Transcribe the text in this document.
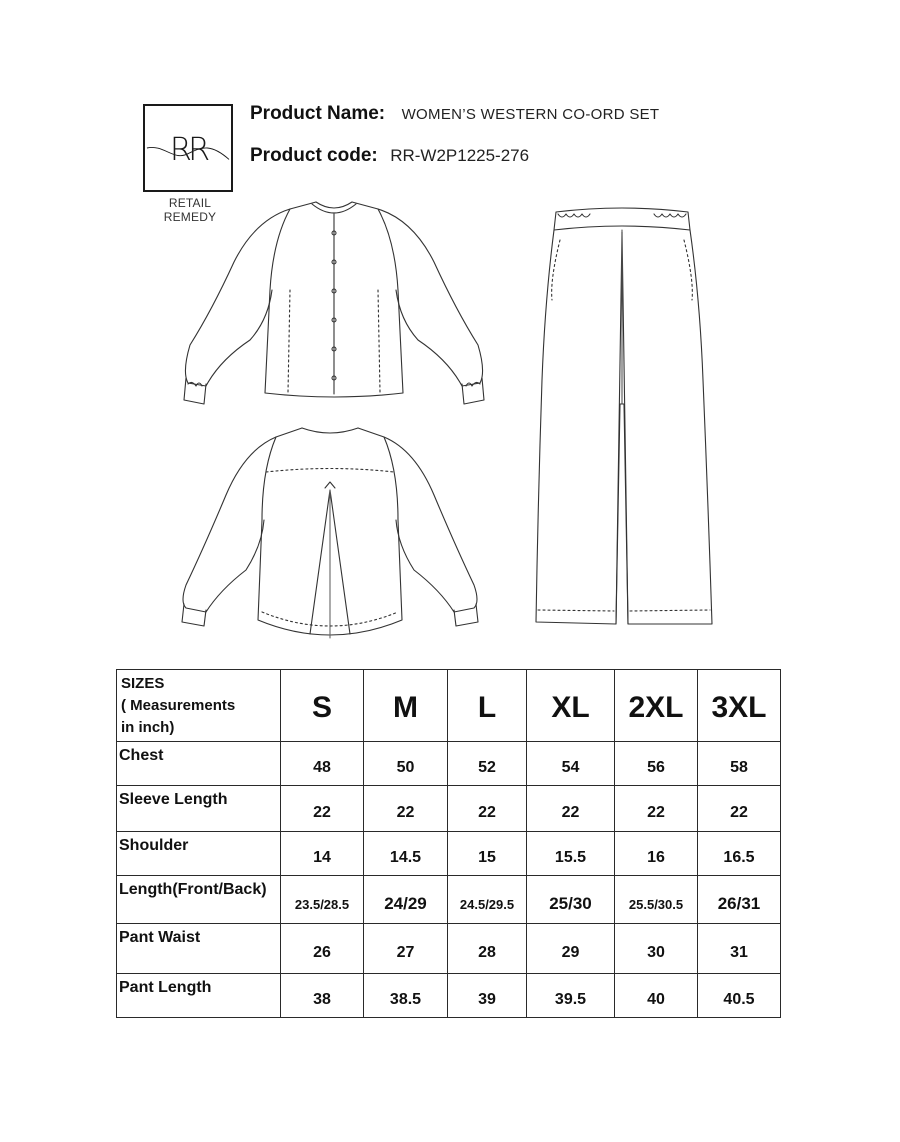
RR
RETAIL REMEDY
Product Name: WOMEN’S WESTERN CO-ORD SET
Product code: RR-W2P1225-276
SIZES
( Measurements
in inch)	S	M	L	XL	2XL	3XL
Chest	48	50	52	54	56	58
Sleeve Length	22	22	22	22	22	22
Shoulder	14	14.5	15	15.5	16	16.5
Length(Front/Back)	23.5/28.5	24/29	24.5/29.5	25/30	25.5/30.5	26/31
Pant Waist	26	27	28	29	30	31
Pant Length	38	38.5	39	39.5	40	40.5
